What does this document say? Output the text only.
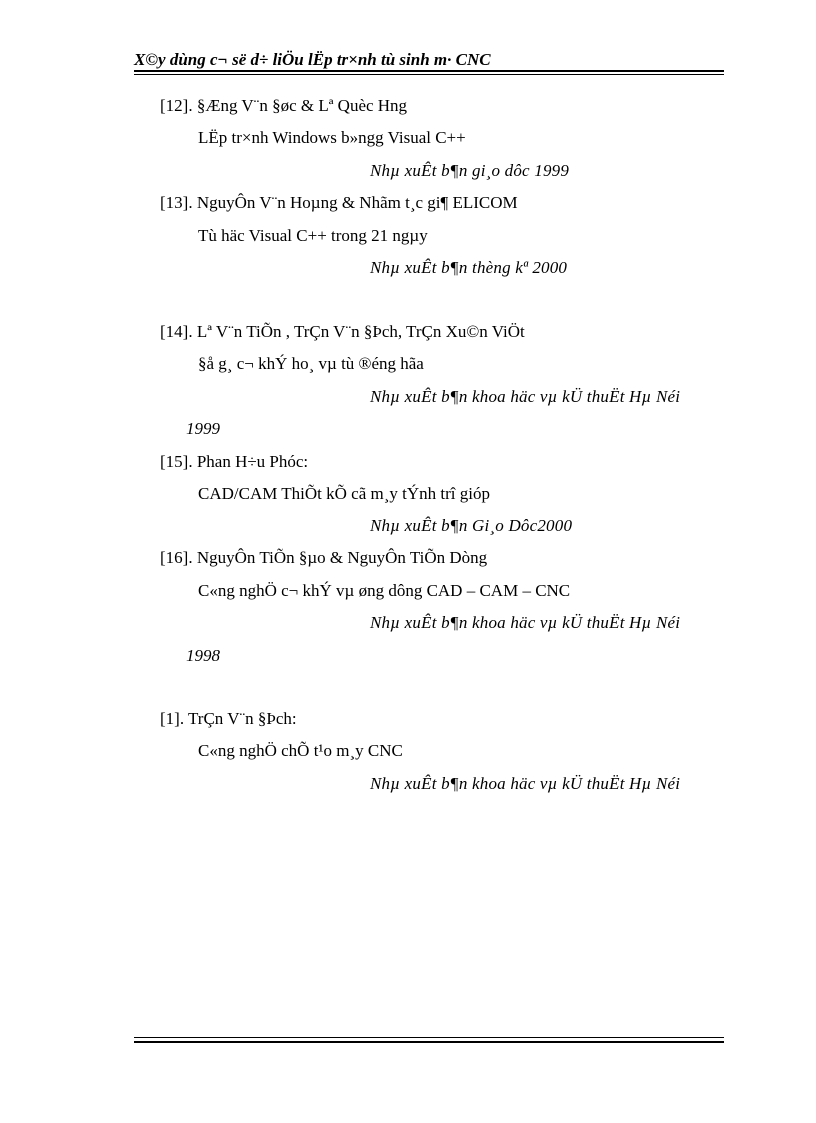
X©y dùng c¬ së d÷ liÖu lËp tr×nh tù sinh m· CNC
[12]. §Æng V¨n §øc & Lª Quèc Hng
LËp tr×nh Windows b»ngg Visual C++
Nhµ xuÊt b¶n gi¸o dôc 1999
[13]. NguyÔn V¨n Hoµng & Nhãm t¸c gi¶ ELICOM
Tù häc Visual C++ trong 21 ngµy
Nhµ xuÊt b¶n thèng kª 2000
[14]. Lª V¨n TiÕn , TrÇn V¨n §Þch, TrÇn Xu©n ViÖt
§å g¸ c¬ khÝ ho¸ vµ tù ®éng hãa
Nhµ xuÊt b¶n khoa häc vµ kÜ thuËt Hµ Néi
1999
[15]. Phan H÷u Phóc:
CAD/CAM ThiÕt kÕ cã m¸y tÝnh trî gióp
Nhµ xuÊt b¶n Gi¸o Dôc2000
[16]. NguyÔn TiÕn §µo & NguyÔn TiÕn Dòng
C«ng nghÖ c¬ khÝ vµ øng dông CAD – CAM – CNC
Nhµ xuÊt b¶n khoa häc vµ kÜ thuËt Hµ Néi
1998
[1]. TrÇn V¨n §Þch:
C«ng nghÖ chÕ t¹o m¸y CNC
Nhµ xuÊt b¶n khoa häc vµ kÜ thuËt Hµ Néi
